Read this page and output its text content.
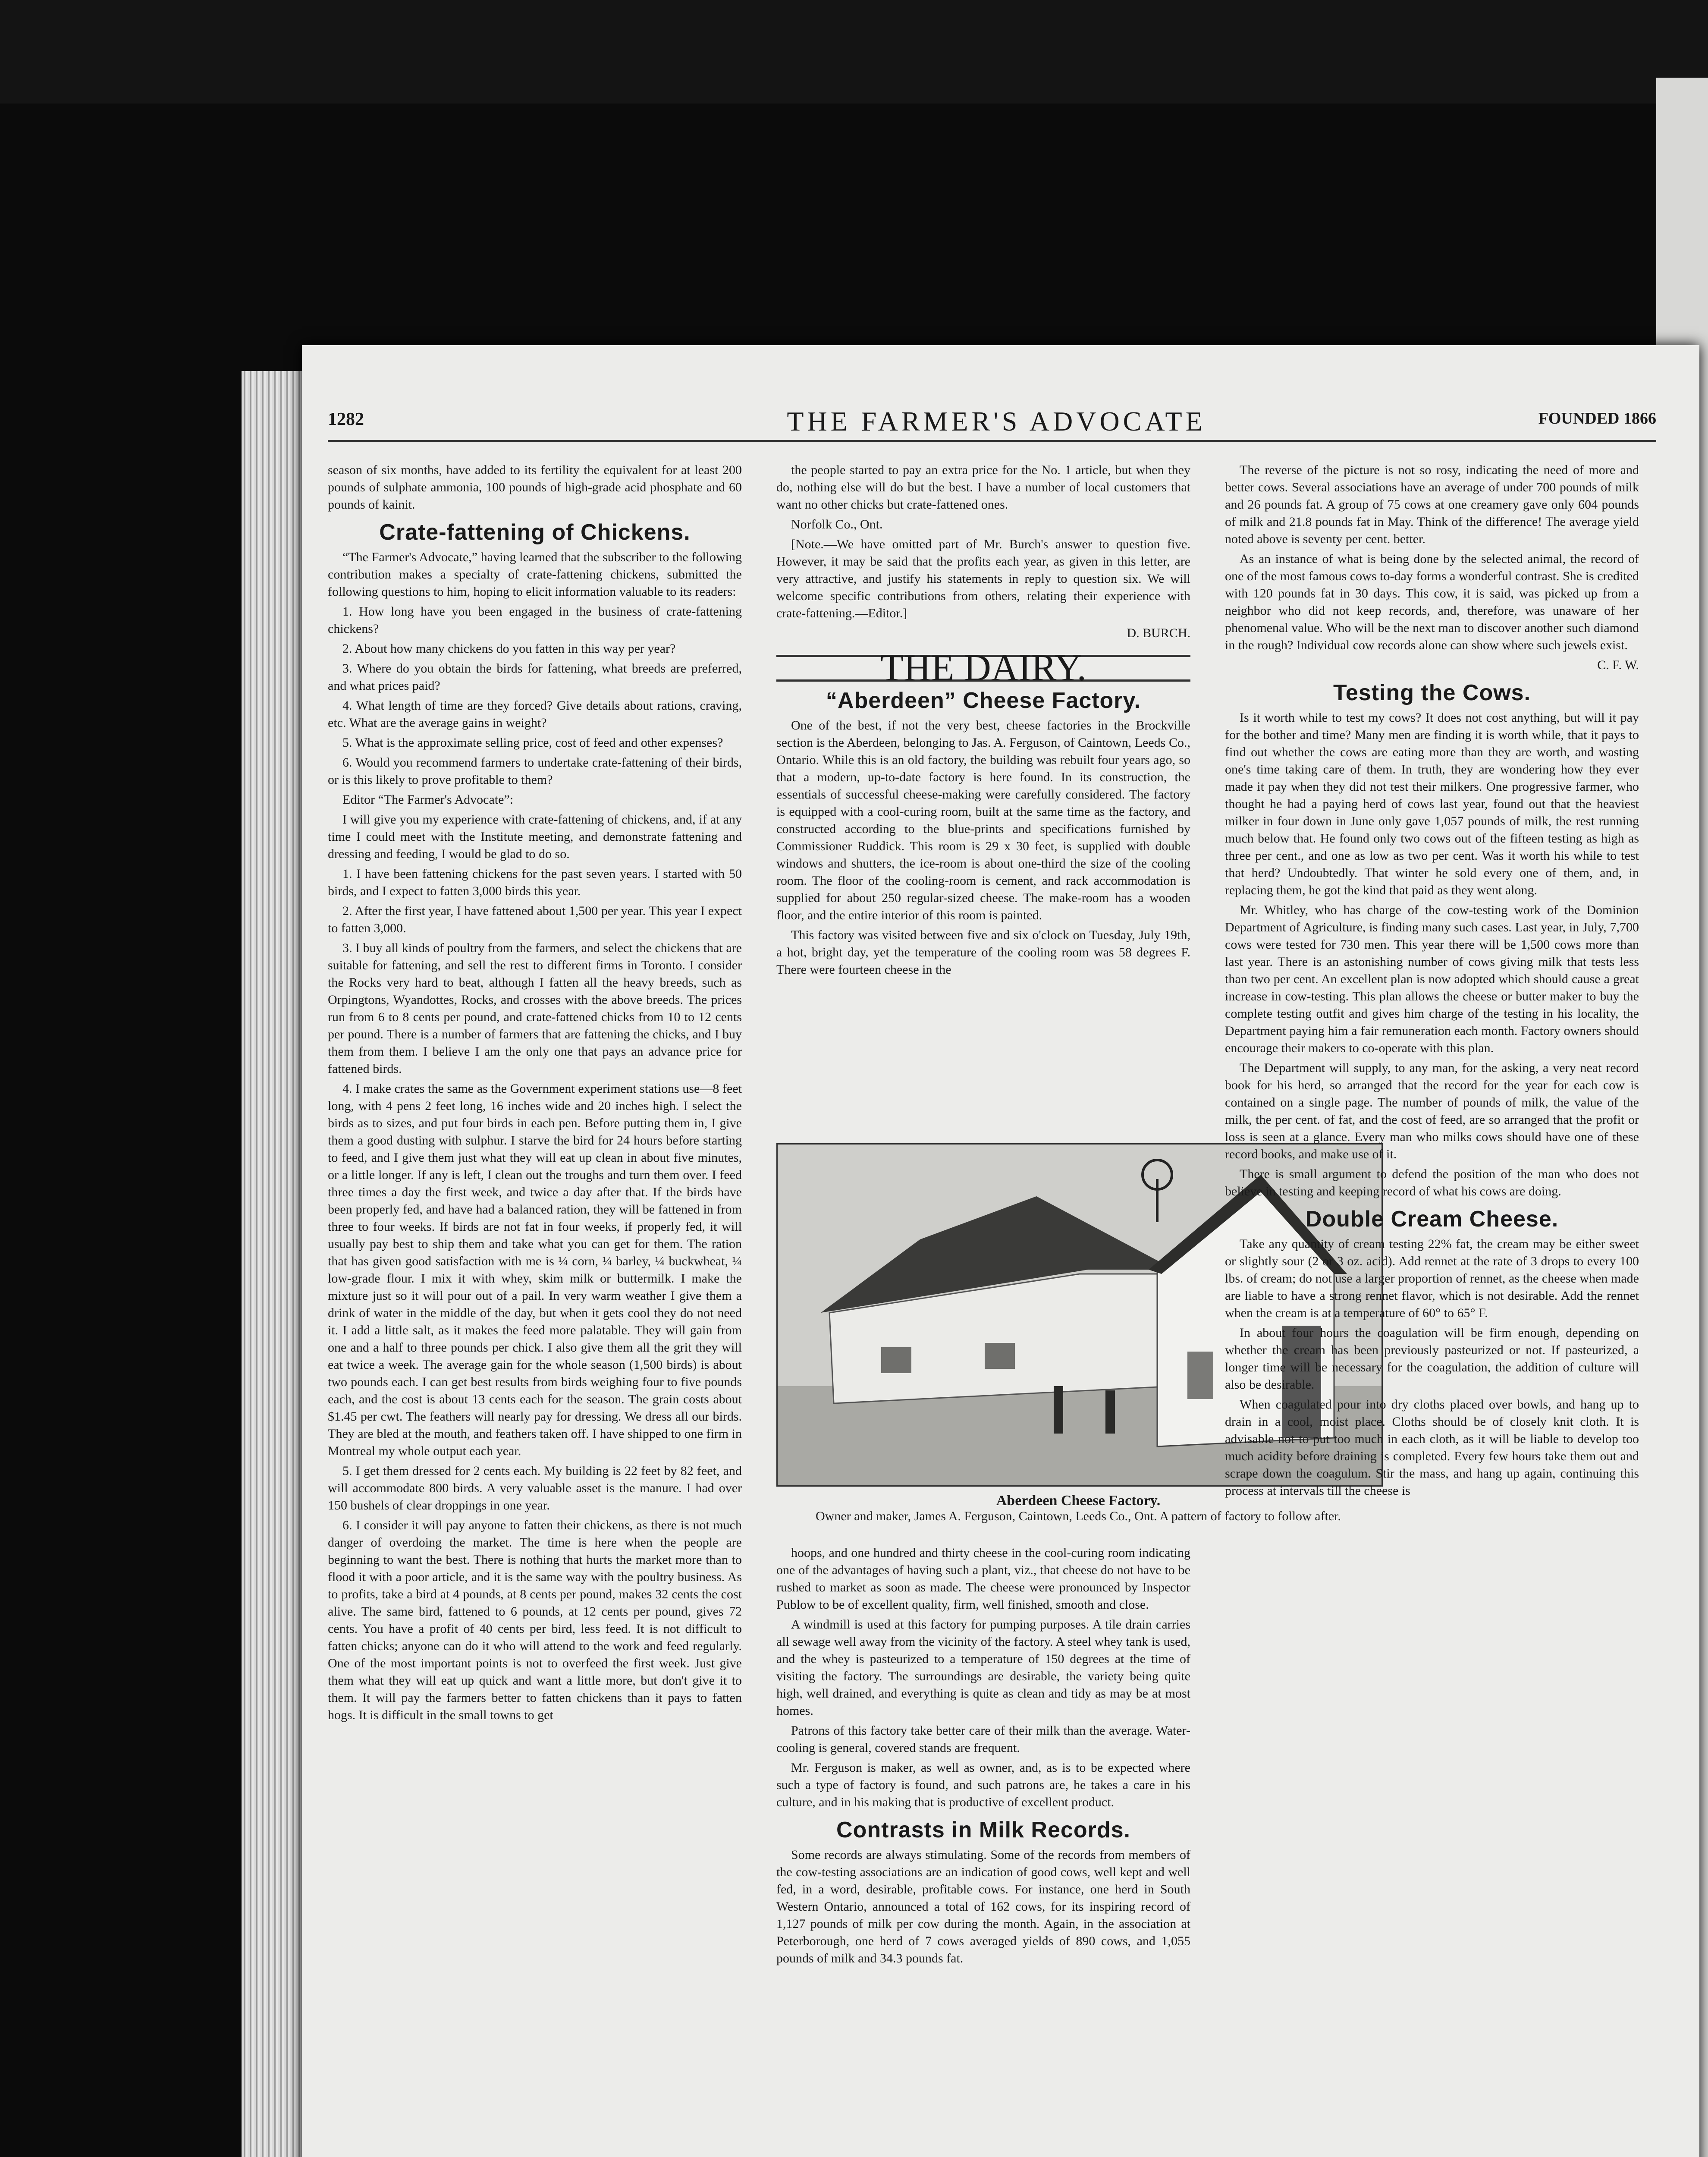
1282	THE FARMER'S ADVOCATE	FOUNDED 1866

season of six months, have added to its fertility the equivalent for at least 200 pounds of sulphate ammonia, 100 pounds of high-grade acid phosphate and 60 pounds of kainit.

Crate-fattening of Chickens.

“The Farmer's Advocate,” having learned that the subscriber to the following contribution makes a specialty of crate-fattening chickens, submitted the following questions to him, hoping to elicit information valuable to its readers:

1. How long have you been engaged in the business of crate-fattening chickens?

2. About how many chickens do you fatten in this way per year?

3. Where do you obtain the birds for fattening, what breeds are preferred, and what prices paid?

4. What length of time are they forced? Give details about rations, craving, etc. What are the average gains in weight?

5. What is the approximate selling price, cost of feed and other expenses?

6. Would you recommend farmers to undertake crate-fattening of their birds, or is this likely to prove profitable to them?

Editor “The Farmer's Advocate”:

I will give you my experience with crate-fattening of chickens, and, if at any time I could meet with the Institute meeting, and demonstrate fattening and dressing and feeding, I would be glad to do so.

1. I have been fattening chickens for the past seven years. I started with 50 birds, and I expect to fatten 3,000 birds this year.

2. After the first year, I have fattened about 1,500 per year. This year I expect to fatten 3,000.

3. I buy all kinds of poultry from the farmers, and select the chickens that are suitable for fattening, and sell the rest to different firms in Toronto. I consider the Rocks very hard to beat, although I fatten all the heavy breeds, such as Orpingtons, Wyandottes, Rocks, and crosses with the above breeds. The prices run from 6 to 8 cents per pound, and crate-fattened chicks from 10 to 12 cents per pound. There is a number of farmers that are fattening the chicks, and I buy them from them. I believe I am the only one that pays an advance price for fattened birds.

4. I make crates the same as the Government experiment stations use—8 feet long, with 4 pens 2 feet long, 16 inches wide and 20 inches high. I select the birds as to sizes, and put four birds in each pen. Before putting them in, I give them a good dusting with sulphur. I starve the bird for 24 hours before starting to feed, and I give them just what they will eat up clean in about five minutes, or a little longer. If any is left, I clean out the troughs and turn them over. I feed three times a day the first week, and twice a day after that. If the birds have been properly fed, and have had a balanced ration, they will be fattened in from three to four weeks. If birds are not fat in four weeks, if properly fed, it will usually pay best to ship them and take what you can get for them. The ration that has given good satisfaction with me is ¼ corn, ¼ barley, ¼ buckwheat, ¼ low-grade flour. I mix it with whey, skim milk or buttermilk. I make the mixture just so it will pour out of a pail. In very warm weather I give them a drink of water in the middle of the day, but when it gets cool they do not need it. I add a little salt, as it makes the feed more palatable. They will gain from one and a half to three pounds per chick. I also give them all the grit they will eat twice a week. The average gain for the whole season (1,500 birds) is about two pounds each. I can get best results from birds weighing four to five pounds each, and the cost is about 13 cents each for the season. The grain costs about $1.45 per cwt. The feathers will nearly pay for dressing. We dress all our birds. They are bled at the mouth, and feathers taken off. I have shipped to one firm in Montreal my whole output each year.

5. I get them dressed for 2 cents each. My building is 22 feet by 82 feet, and will accommodate 800 birds. A very valuable asset is the manure. I had over 150 bushels of clear droppings in one year.

6. I consider it will pay anyone to fatten their chickens, as there is not much danger of overdoing the market. The time is here when the people are beginning to want the best. There is nothing that hurts the market more than to flood it with a poor article, and it is the same way with the poultry business. As to profits, take a bird at 4 pounds, at 8 cents per pound, makes 32 cents the cost alive. The same bird, fattened to 6 pounds, at 12 cents per pound, gives 72 cents. You have a profit of 40 cents per bird, less feed. It is not difficult to fatten chicks; anyone can do it who will attend to the work and feed regularly. One of the most important points is not to overfeed the first week. Just give them what they will eat up quick and want a little more, but don't give it to them. It will pay the farmers better to fatten chickens than it pays to fatten hogs. It is difficult in the small towns to get

the people started to pay an extra price for the No. 1 article, but when they do, nothing else will do but the best. I have a number of local customers that want no other chicks but crate-fattened ones.

Norfolk Co., Ont.

[Note.—We have omitted part of Mr. Burch's answer to question five. However, it may be said that the profits each year, as given in this letter, are very attractive, and justify his statements in reply to question six. We will welcome specific contributions from others, relating their experience with crate-fattening.—Editor.]

D. BURCH.

THE DAIRY.
“Aberdeen” Cheese Factory.

One of the best, if not the very best, cheese factories in the Brockville section is the Aberdeen, belonging to Jas. A. Ferguson, of Caintown, Leeds Co., Ontario. While this is an old factory, the building was rebuilt four years ago, so that a modern, up-to-date factory is here found. In its construction, the essentials of successful cheese-making were carefully considered. The factory is equipped with a cool-curing room, built at the same time as the factory, and constructed according to the blue-prints and specifications furnished by Commissioner Ruddick. This room is 29 x 30 feet, is supplied with double windows and shutters, the ice-room is about one-third the size of the cooling room. The floor of the cooling-room is cement, and rack accommodation is supplied for about 250 regular-sized cheese. The make-room has a wooden floor, and the entire interior of this room is painted.

This factory was visited between five and six o'clock on Tuesday, July 19th, a hot, bright day, yet the temperature of the cooling room was 58 degrees F. There were fourteen cheese in the

Aberdeen Cheese Factory.
Owner and maker, James A. Ferguson, Caintown, Leeds Co., Ont. A pattern of factory to follow after.

hoops, and one hundred and thirty cheese in the cool-curing room indicating one of the advantages of having such a plant, viz., that cheese do not have to be rushed to market as soon as made. The cheese were pronounced by Inspector Publow to be of excellent quality, firm, well finished, smooth and close.

A windmill is used at this factory for pumping purposes. A tile drain carries all sewage well away from the vicinity of the factory. A steel whey tank is used, and the whey is pasteurized to a temperature of 150 degrees at the time of visiting the factory. The surroundings are desirable, the variety being quite high, well drained, and everything is quite as clean and tidy as may be at most homes.

Patrons of this factory take better care of their milk than the average. Water-cooling is general, covered stands are frequent.

Mr. Ferguson is maker, as well as owner, and, as is to be expected where such a type of factory is found, and such patrons are, he takes a care in his culture, and in his making that is productive of excellent product.

Contrasts in Milk Records.

Some records are always stimulating. Some of the records from members of the cow-testing associations are an indication of good cows, well kept and well fed, in a word, desirable, profitable cows. For instance, one herd in South Western Ontario, announced a total of 162 cows, for its inspiring record of 1,127 pounds of milk per cow during the month. Again, in the association at Peterborough, one herd of 7 cows averaged yields of 890 cows, and 1,055 pounds of milk and 34.3 pounds fat.

The reverse of the picture is not so rosy, indicating the need of more and better cows. Several associations have an average of under 700 pounds of milk and 26 pounds fat. A group of 75 cows at one creamery gave only 604 pounds of milk and 21.8 pounds fat in May. Think of the difference! The average yield noted above is seventy per cent. better.

As an instance of what is being done by the selected animal, the record of one of the most famous cows to-day forms a wonderful contrast. She is credited with 120 pounds fat in 30 days. This cow, it is said, was picked up from a neighbor who did not keep records, and, therefore, was unaware of her phenomenal value. Who will be the next man to discover another such diamond in the rough? Individual cow records alone can show where such jewels exist.

C. F. W.

Testing the Cows.

Is it worth while to test my cows? It does not cost anything, but will it pay for the bother and time? Many men are finding it is worth while, that it pays to find out whether the cows are eating more than they are worth, and wasting one's time taking care of them. In truth, they are wondering how they ever made it pay when they did not test their milkers. One progressive farmer, who thought he had a paying herd of cows last year, found out that the heaviest milker in four down in June only gave 1,057 pounds of milk, the rest running much below that. He found only two cows out of the fifteen testing as high as three per cent., and one as low as two per cent. Was it worth his while to test that herd? Undoubtedly. That winter he sold every one of them, and, in replacing them, he got the kind that paid as they went along.

Mr. Whitley, who has charge of the cow-testing work of the Dominion Department of Agriculture, is finding many such cases. Last year, in July, 7,700 cows were tested for 730 men. This year there will be 1,500 cows more than last year. There is an astonishing number of cows giving milk that tests less than two per cent. An excellent plan is now adopted which should cause a great increase in cow-testing. This plan allows the cheese or butter maker to buy the complete testing outfit and gives him charge of the testing in his locality, the Department paying him a fair remuneration each month. Factory owners should encourage their makers to co-operate with this plan.

The Department will supply, to any man, for the asking, a very neat record book for his herd, so arranged that the record for the year for each cow is contained on a single page. The number of pounds of milk, the value of the milk, the per cent. of fat, and the cost of feed, are so arranged that the profit or loss is seen at a glance. Every man who milks cows should have one of these record books, and make use of it.

There is small argument to defend the position of the man who does not believe in testing and keeping record of what his cows are doing.

Double Cream Cheese.

Take any quantity of cream testing 22% fat, the cream may be either sweet or slightly sour (2 or 3 oz. acid). Add rennet at the rate of 3 drops to every 100 lbs. of cream; do not use a larger proportion of rennet, as the cheese when made are liable to have a strong rennet flavor, which is not desirable. Add the rennet when the cream is at a temperature of 60° to 65° F.

In about four hours the coagulation will be firm enough, depending on whether the cream has been previously pasteurized or not. If pasteurized, a longer time will be necessary for the coagulation, the addition of culture will also be desirable.

When coagulated pour into dry cloths placed over bowls, and hang up to drain in a cool, moist place. Cloths should be of closely knit cloth. It is advisable not to put too much in each cloth, as it will be liable to develop too much acidity before draining is completed. Every few hours take them out and scrape down the coagulum. Stir the mass, and hang up again, continuing this process at intervals till the cheese is
